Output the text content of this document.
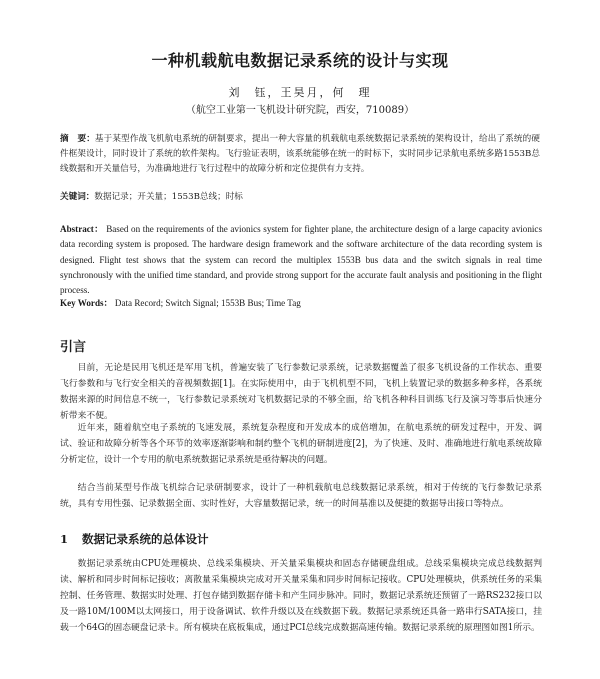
一种机载航电数据记录系统的设计与实现
刘　钰，王昊月，何　理
（航空工业第一飞机设计研究院，西安，710089）
摘　要：基于某型作战飞机航电系统的研制要求，提出一种大容量的机载航电系统数据记录系统的架构设计，给出了系统的硬件框架设计，同时设计了系统的软件架构。飞行验证表明，该系统能够在统一的时标下，实时同步记录航电系统多路1553B总线数据和开关量信号，为准确地进行飞行过程中的故障分析和定位提供有力支持。
关键词：数据记录；开关量；1553B总线；时标
Abstract： Based on the requirements of the avionics system for fighter plane, the architecture design of a large capacity avionics data recording system is proposed. The hardware design framework and the software architecture of the data recording system is designed. Flight test shows that the system can record the multiplex 1553B bus data and the switch signals in real time synchronously with the unified time standard, and provide strong support for the accurate fault analysis and positioning in the flight process.
Key Words： Data Record; Switch Signal; 1553B Bus; Time Tag
引言
目前，无论是民用飞机还是军用飞机，普遍安装了飞行参数记录系统，记录数据覆盖了很多飞机设备的工作状态、重要飞行参数和与飞行安全相关的音视频数据[1]。在实际使用中，由于飞机机型不同，飞机上装置记录的数据多种多样，各系统数据来源的时间信息不统一，飞行参数记录系统对飞机数据记录的不够全面，给飞机各种科目训练飞行及演习等事后快速分析带来不便。
近年来，随着航空电子系统的飞速发展，系统复杂程度和开发成本的成倍增加，在航电系统的研发过程中，开发、调试、验证和故障分析等各个环节的效率逐渐影响和制约整个飞机的研制进度[2]，为了快速、及时、准确地进行航电系统故障分析定位，设计一个专用的航电系统数据记录系统是亟待解决的问题。
结合当前某型号作战飞机综合记录研制要求，设计了一种机载航电总线数据记录系统，相对于传统的飞行参数记录系统，具有专用性强、记录数据全面、实时性好，大容量数据记录，统一的时间基准以及便捷的数据导出接口等特点。
1 数据记录系统的总体设计
数据记录系统由CPU处理模块、总线采集模块、开关量采集模块和固态存储硬盘组成。总线采集模块完成总线数据判读、解析和同步时间标记接收；离散量采集模块完成对开关量采集和同步时间标记接收。CPU处理模块，供系统任务的采集控制、任务管理、数据实时处理、打包存储到数据存储卡和产生同步脉冲。同时，数据记录系统还预留了一路RS232接口以及一路10M/100M以太网接口，用于设备调试、软件升级以及在线数据下载。数据记录系统还具备一路串行SATA接口，挂载一个64G的固态硬盘记录卡。所有模块在底板集成，通过PCI总线完成数据高速传输。数据记录系统的原理图如图1所示。
